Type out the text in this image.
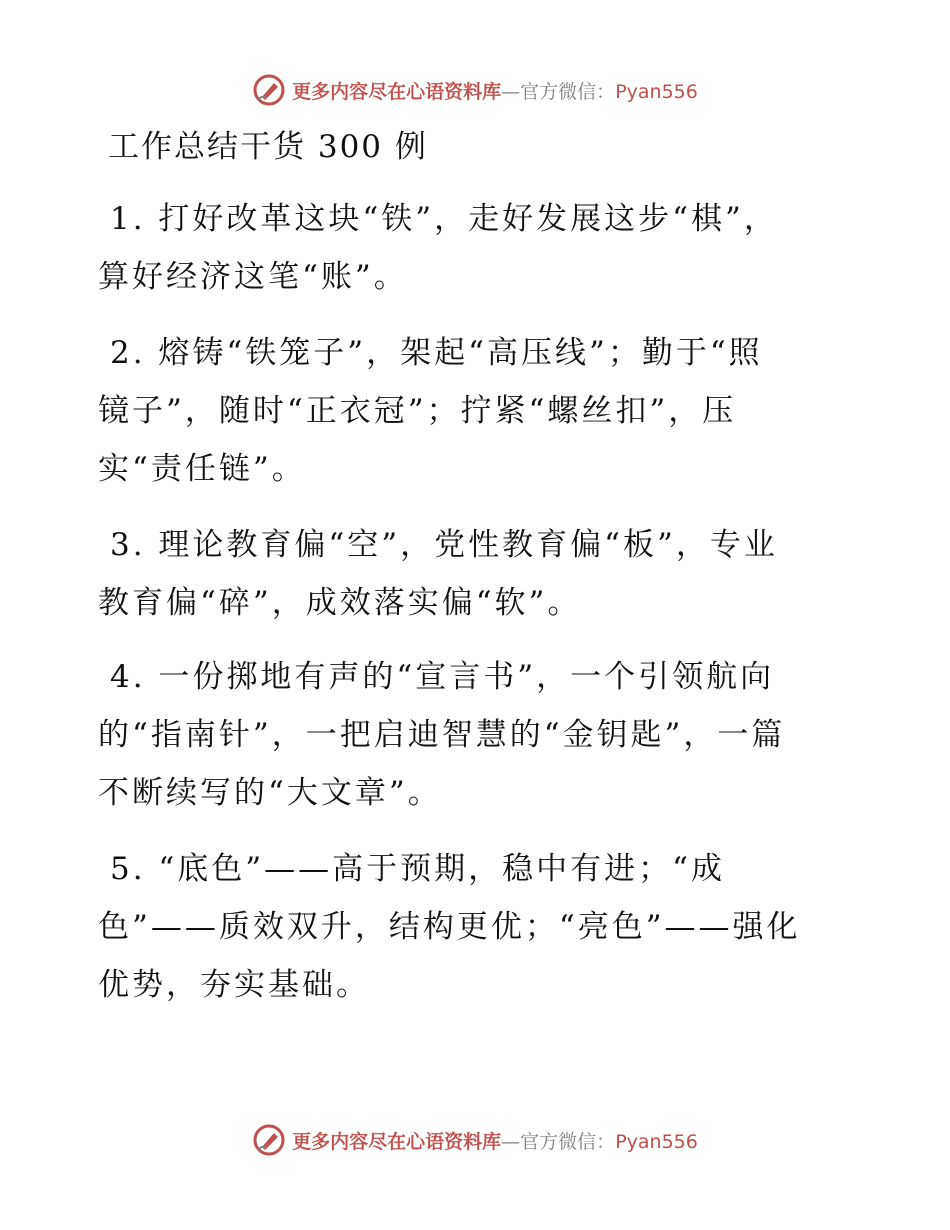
更多内容尽在心语资料库—官方微信：Pyan556
工作总结干货 300 例
1. 打好改革这块“铁”，走好发展这步“棋”，
算好经济这笔“账”。
2. 熔铸“铁笼子”，架起“高压线”；勤于“照
镜子”，随时“正衣冠”；拧紧“螺丝扣”，压
实“责任链”。
3. 理论教育偏“空”，党性教育偏“板”，专业
教育偏“碎”，成效落实偏“软”。
4. 一份掷地有声的“宣言书”，一个引领航向
的“指南针”，一把启迪智慧的“金钥匙”，一篇
不断续写的“大文章”。
5. “底色”——高于预期，稳中有进；“成
色”——质效双升，结构更优；“亮色”——强化
优势，夯实基础。
更多内容尽在心语资料库—官方微信：Pyan556
